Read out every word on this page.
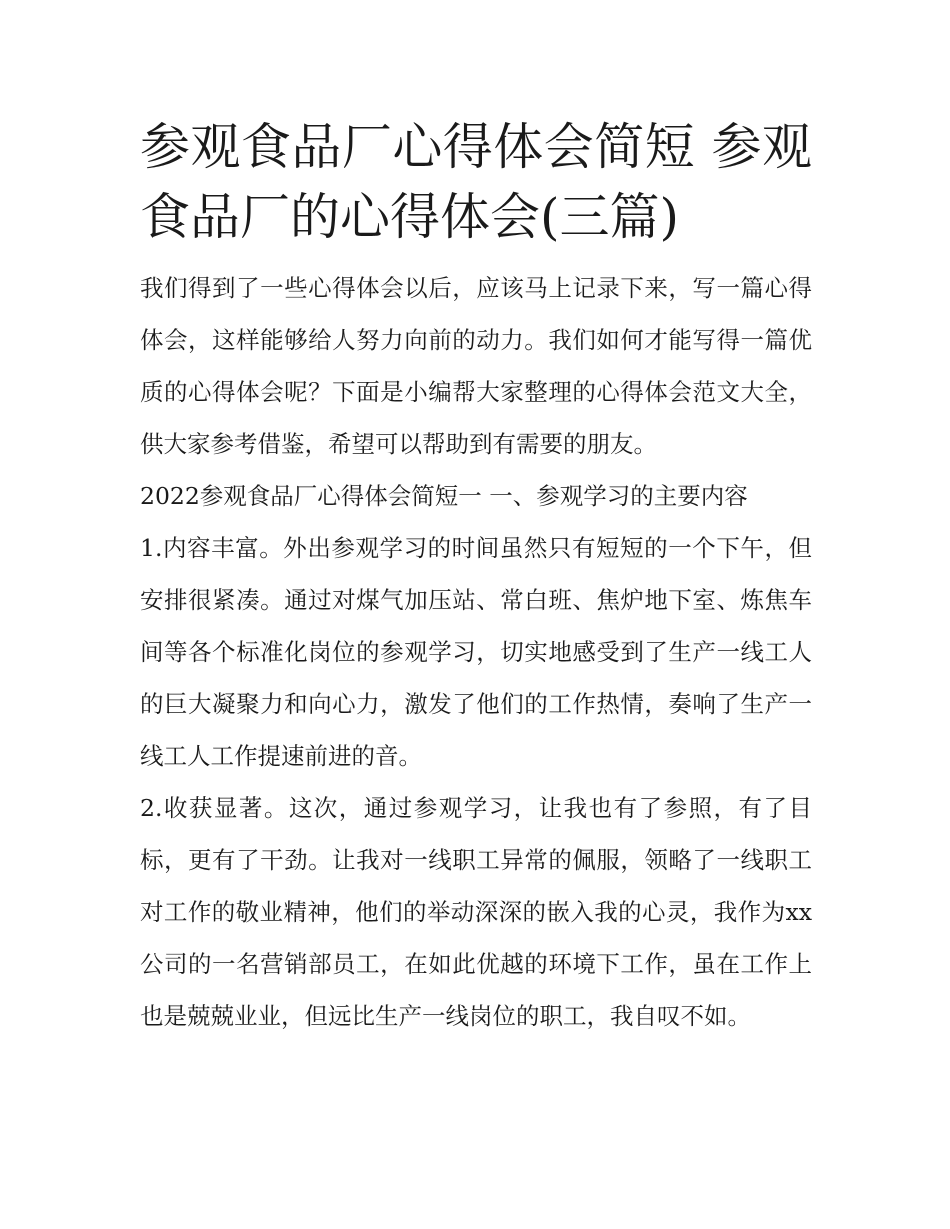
参观食品厂心得体会简短 参观食品厂的心得体会(三篇)

我们得到了一些心得体会以后，应该马上记录下来，写一篇心得体会，这样能够给人努力向前的动力。我们如何才能写得一篇优质的心得体会呢？下面是小编帮大家整理的心得体会范文大全，供大家参考借鉴，希望可以帮助到有需要的朋友。

2022参观食品厂心得体会简短一 一、参观学习的主要内容

1.内容丰富。外出参观学习的时间虽然只有短短的一个下午，但安排很紧凑。通过对煤气加压站、常白班、焦炉地下室、炼焦车间等各个标准化岗位的参观学习，切实地感受到了生产一线工人的巨大凝聚力和向心力，激发了他们的工作热情，奏响了生产一线工人工作提速前进的音。

2.收获显著。这次，通过参观学习，让我也有了参照，有了目标，更有了干劲。让我对一线职工异常的佩服，领略了一线职工对工作的敬业精神，他们的举动深深的嵌入我的心灵，我作为xx公司的一名营销部员工，在如此优越的环境下工作，虽在工作上也是兢兢业业，但远比生产一线岗位的职工，我自叹不如。
